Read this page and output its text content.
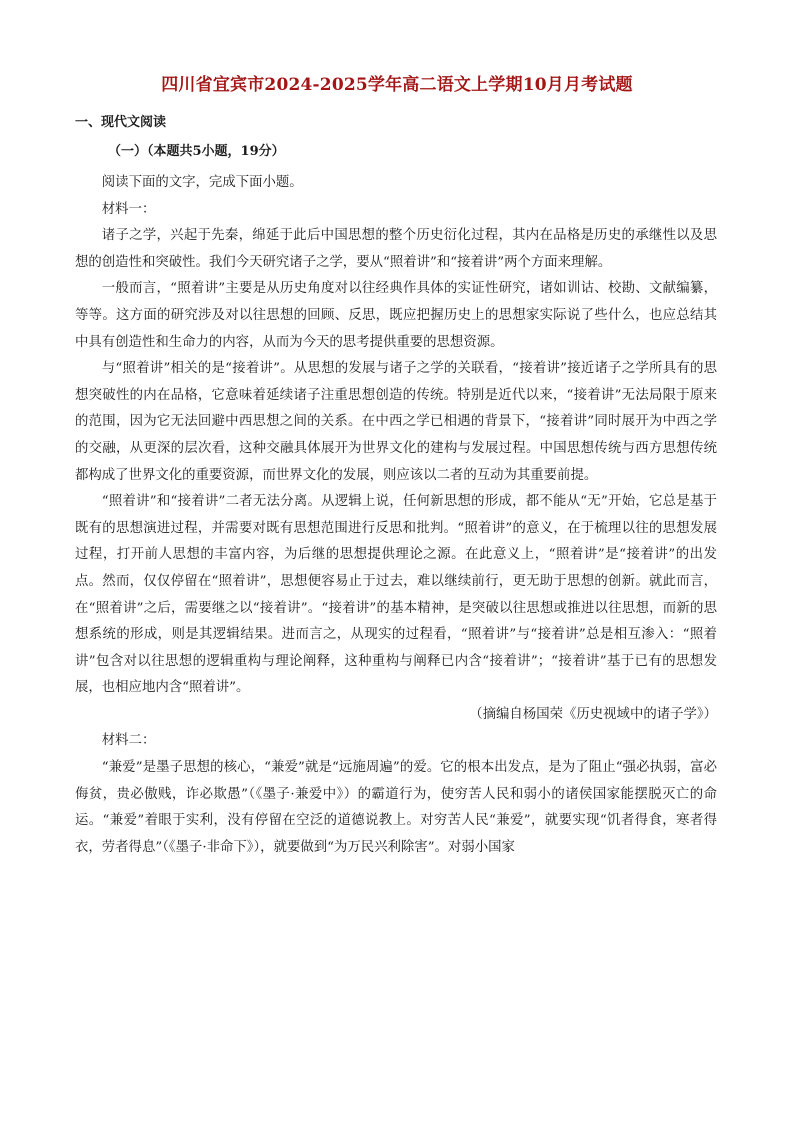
四川省宜宾市2024-2025学年高二语文上学期10月月考试题
一、现代文阅读
（一）（本题共5小题，19分）

阅读下面的文字，完成下面小题。

材料一：

诸子之学，兴起于先秦，绵延于此后中国思想的整个历史衍化过程，其内在品格是历史的承继性以及思想的创造性和突破性。我们今天研究诸子之学，要从“照着讲”和“接着讲”两个方面来理解。

一般而言，“照着讲”主要是从历史角度对以往经典作具体的实证性研究，诸如训诂、校勘、文献编纂，等等。这方面的研究涉及对以往思想的回顾、反思，既应把握历史上的思想家实际说了些什么，也应总结其中具有创造性和生命力的内容，从而为今天的思考提供重要的思想资源。

与“照着讲”相关的是“接着讲”。从思想的发展与诸子之学的关联看，“接着讲”接近诸子之学所具有的思想突破性的内在品格，它意味着延续诸子注重思想创造的传统。特别是近代以来，“接着讲”无法局限于原来的范围，因为它无法回避中西思想之间的关系。在中西之学已相遇的背景下，“接着讲”同时展开为中西之学的交融，从更深的层次看，这种交融具体展开为世界文化的建构与发展过程。中国思想传统与西方思想传统都构成了世界文化的重要资源，而世界文化的发展，则应该以二者的互动为其重要前提。

“照着讲”和“接着讲”二者无法分离。从逻辑上说，任何新思想的形成，都不能从“无”开始，它总是基于既有的思想演进过程，并需要对既有思想范围进行反思和批判。“照着讲”的意义，在于梳理以往的思想发展过程，打开前人思想的丰富内容，为后继的思想提供理论之源。在此意义上，“照着讲”是“接着讲”的出发点。然而，仅仅停留在“照着讲”，思想便容易止于过去，难以继续前行，更无助于思想的创新。就此而言，在“照着讲”之后，需要继之以“接着讲”。“接着讲”的基本精神，是突破以往思想或推进以往思想，而新的思想系统的形成，则是其逻辑结果。进而言之，从现实的过程看，“照着讲”与“接着讲”总是相互渗入：“照着讲”包含对以往思想的逻辑重构与理论阐释，这种重构与阐释已内含“接着讲”；“接着讲”基于已有的思想发展，也相应地内含“照着讲”。

（摘编自杨国荣《历史视域中的诸子学》）

材料二：

“兼爱”是墨子思想的核心，“兼爱”就是“远施周遍”的爱。它的根本出发点，是为了阻止“强必执弱，富必侮贫，贵必傲贱，诈必欺愚”（《墨子·兼爱中》）的霸道行为，使穷苦人民和弱小的诸侯国家能摆脱灭亡的命运。“兼爱”着眼于实利，没有停留在空泛的道德说教上。对穷苦人民“兼爱”，就要实现“饥者得食，寒者得衣，劳者得息”（《墨子·非命下》），就要做到“为万民兴利除害”。对弱小国家
